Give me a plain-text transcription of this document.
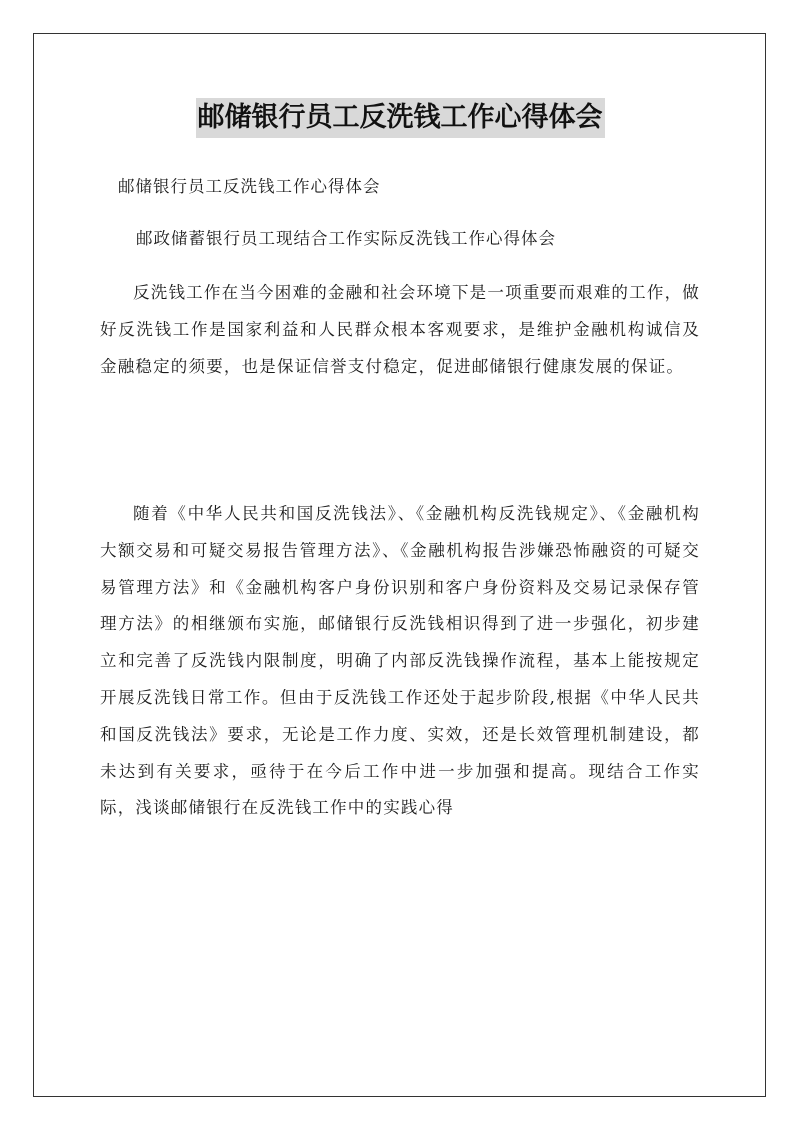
邮储银行员工反洗钱工作心得体会
邮储银行员工反洗钱工作心得体会
邮政储蓄银行员工现结合工作实际反洗钱工作心得体会

反洗钱工作在当今困难的金融和社会环境下是一项重要而艰难的工作，做好反洗钱工作是国家利益和人民群众根本客观要求，是维护金融机构诚信及金融稳定的须要，也是保证信誉支付稳定，促进邮储银行健康发展的保证。

随着《中华人民共和国反洗钱法》、《金融机构反洗钱规定》、《金融机构大额交易和可疑交易报告管理方法》、《金融机构报告涉嫌恐怖融资的可疑交易管理方法》和《金融机构客户身份识别和客户身份资料及交易记录保存管理方法》的相继颁布实施，邮储银行反洗钱相识得到了进一步强化，初步建立和完善了反洗钱内限制度，明确了内部反洗钱操作流程，基本上能按规定开展反洗钱日常工作。但由于反洗钱工作还处于起步阶段,根据《中华人民共和国反洗钱法》要求，无论是工作力度、实效，还是长效管理机制建设，都未达到有关要求，亟待于在今后工作中进一步加强和提高。现结合工作实际，浅谈邮储银行在反洗钱工作中的实践心得
